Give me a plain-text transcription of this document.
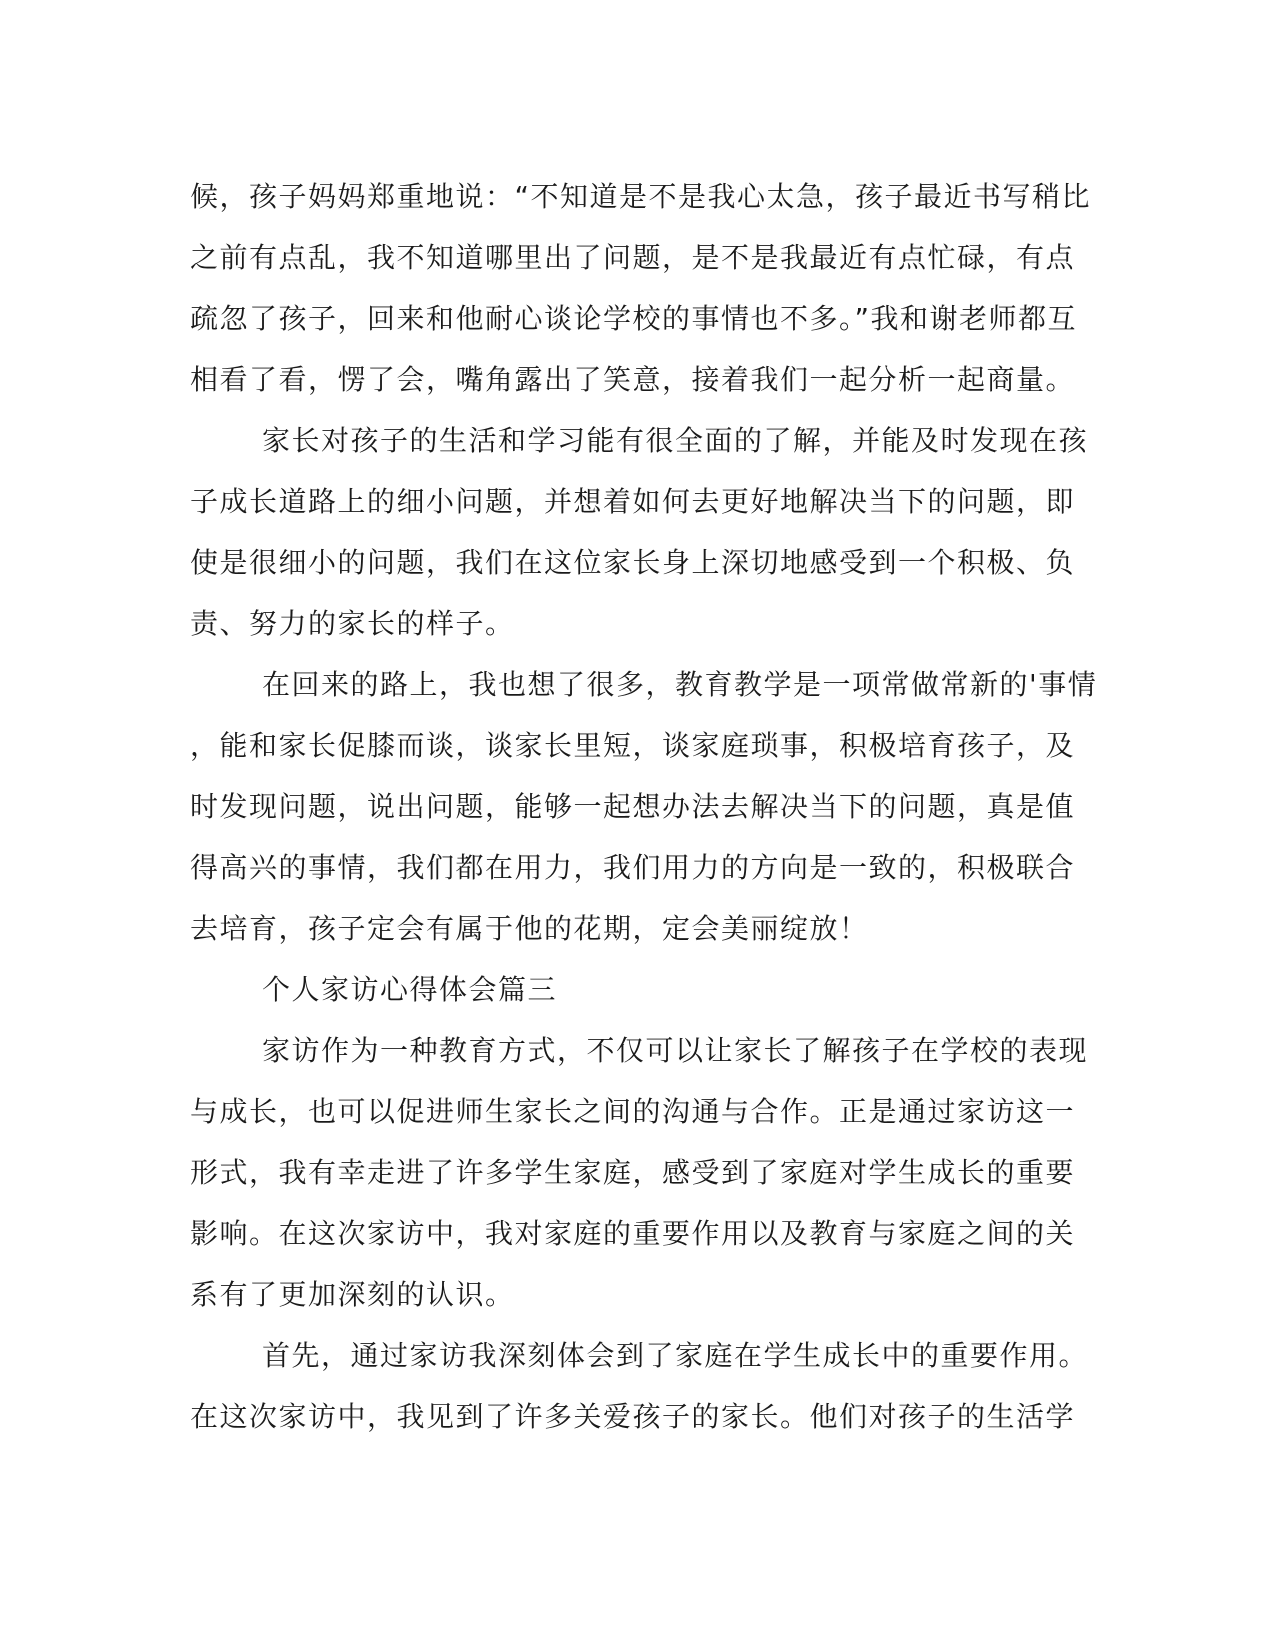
候，孩子妈妈郑重地说：“不知道是不是我心太急，孩子最近书写稍比
之前有点乱，我不知道哪里出了问题，是不是我最近有点忙碌，有点
疏忽了孩子，回来和他耐心谈论学校的事情也不多。”我和谢老师都互
相看了看，愣了会，嘴角露出了笑意，接着我们一起分析一起商量。
家长对孩子的生活和学习能有很全面的了解，并能及时发现在孩
子成长道路上的细小问题，并想着如何去更好地解决当下的问题，即
使是很细小的问题，我们在这位家长身上深切地感受到一个积极、负
责、努力的家长的样子。
在回来的路上，我也想了很多，教育教学是一项常做常新的'事情
，能和家长促膝而谈，谈家长里短，谈家庭琐事，积极培育孩子，及
时发现问题，说出问题，能够一起想办法去解决当下的问题，真是值
得高兴的事情，我们都在用力，我们用力的方向是一致的，积极联合
去培育，孩子定会有属于他的花期，定会美丽绽放！
个人家访心得体会篇三
家访作为一种教育方式，不仅可以让家长了解孩子在学校的表现
与成长，也可以促进师生家长之间的沟通与合作。正是通过家访这一
形式，我有幸走进了许多学生家庭，感受到了家庭对学生成长的重要
影响。在这次家访中，我对家庭的重要作用以及教育与家庭之间的关
系有了更加深刻的认识。
首先，通过家访我深刻体会到了家庭在学生成长中的重要作用。
在这次家访中，我见到了许多关爱孩子的家长。他们对孩子的生活学
